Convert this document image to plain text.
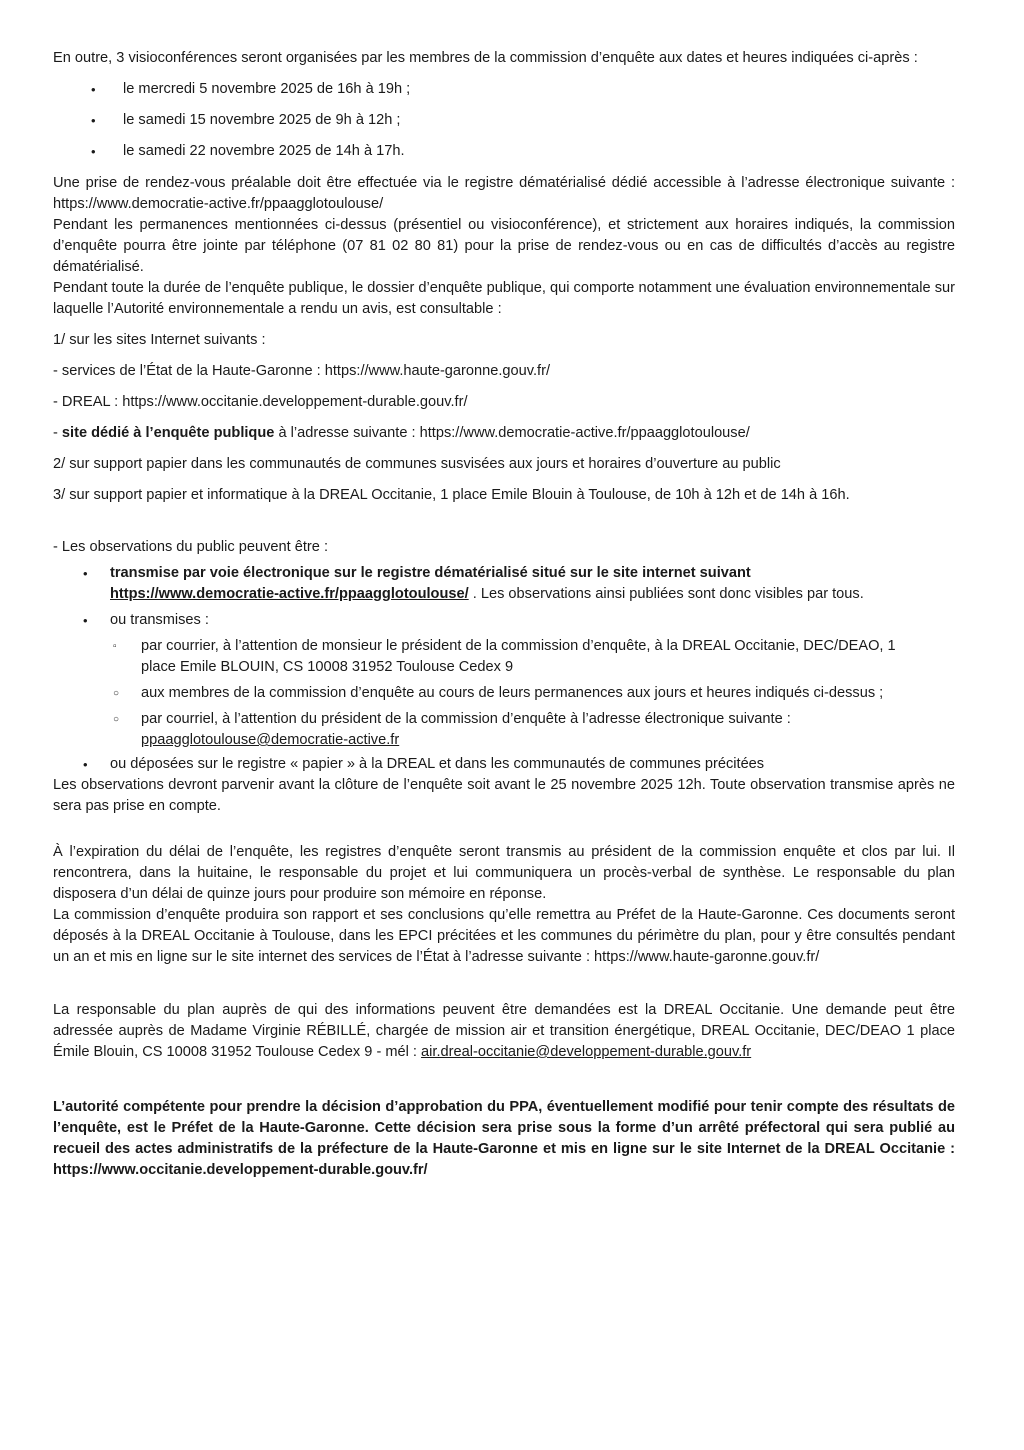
En outre, 3 visioconférences seront organisées par les membres de la commission d’enquête aux dates et heures indiquées ci-après :

• le mercredi 5 novembre 2025 de 16h à 19h ;
• le samedi 15 novembre 2025 de 9h à 12h ;
• le samedi 22 novembre 2025 de 14h à 17h.

Une prise de rendez-vous préalable doit être effectuée via le registre dématérialisé dédié accessible à l’adresse électronique suivante : https://www.democratie-active.fr/ppaagglotoulouse/

Pendant les permanences mentionnées ci-dessus (présentiel ou visioconférence), et strictement aux horaires indiqués, la commission d’enquête pourra être jointe par téléphone (07 81 02 80 81) pour la prise de rendez-vous ou en cas de difficultés d’accès au registre dématérialisé.

Pendant toute la durée de l’enquête publique, le dossier d’enquête publique, qui comporte notamment une évaluation environnementale sur laquelle l’Autorité environnementale a rendu un avis, est consultable :

1/ sur les sites Internet suivants :

- services de l’État de la Haute-Garonne : https://www.haute-garonne.gouv.fr/

- DREAL : https://www.occitanie.developpement-durable.gouv.fr/

- site dédié à l’enquête publique à l’adresse suivante : https://www.democratie-active.fr/ppaagglotoulouse/

2/ sur support papier dans les communautés de communes susvisées aux jours et horaires d’ouverture au public

3/ sur support papier et informatique à la DREAL Occitanie, 1 place Emile Blouin à Toulouse, de 10h à 12h et de 14h à 16h.

- Les observations du public peuvent être :

• transmise par voie électronique sur le registre dématérialisé situé sur le site internet suivant
https://www.democratie-active.fr/ppaagglotoulouse/ . Les observations ainsi publiées sont donc visibles par tous.
• ou transmises :
▫ par courrier, à l’attention de monsieur le président de la commission d’enquête, à la DREAL Occitanie, DEC/DEAO, 1 place Emile BLOUIN, CS 10008 31952 Toulouse Cedex 9
○ aux membres de la commission d’enquête au cours de leurs permanences aux jours et heures indiqués ci-dessus ;
○ par courriel, à l’attention du président de la commission d’enquête à l’adresse électronique suivante :
ppaagglotoulouse@democratie-active.fr
• ou déposées sur le registre « papier » à la DREAL et dans les communautés de communes précitées

Les observations devront parvenir avant la clôture de l’enquête soit avant le 25 novembre 2025 12h. Toute observation transmise après ne sera pas prise en compte.

À l’expiration du délai de l’enquête, les registres d’enquête seront transmis au président de la commission enquête et clos par lui. Il rencontrera, dans la huitaine, le responsable du projet et lui communiquera un procès-verbal de synthèse. Le responsable du plan disposera d’un délai de quinze jours pour produire son mémoire en réponse.

La commission d’enquête produira son rapport et ses conclusions qu’elle remettra au Préfet de la Haute-Garonne. Ces documents seront déposés à la DREAL Occitanie à Toulouse, dans les EPCI précitées et les communes du périmètre du plan, pour y être consultés pendant un an et mis en ligne sur le site internet des services de l’État à l’adresse suivante : https://www.haute-garonne.gouv.fr/

La responsable du plan auprès de qui des informations peuvent être demandées est la DREAL Occitanie. Une demande peut être adressée auprès de Madame Virginie RÉBILLÉ, chargée de mission air et transition énergétique, DREAL Occitanie, DEC/DEAO 1 place Émile Blouin, CS 10008 31952 Toulouse Cedex 9 - mél : air.dreal-occitanie@developpement-durable.gouv.fr

L’autorité compétente pour prendre la décision d’approbation du PPA, éventuellement modifié pour tenir compte des résultats de l’enquête, est le Préfet de la Haute-Garonne. Cette décision sera prise sous la forme d’un arrêté préfectoral qui sera publié au recueil des actes administratifs de la préfecture de la Haute-Garonne et mis en ligne sur le site Internet de la DREAL Occitanie : https://www.occitanie.developpement-durable.gouv.fr/
